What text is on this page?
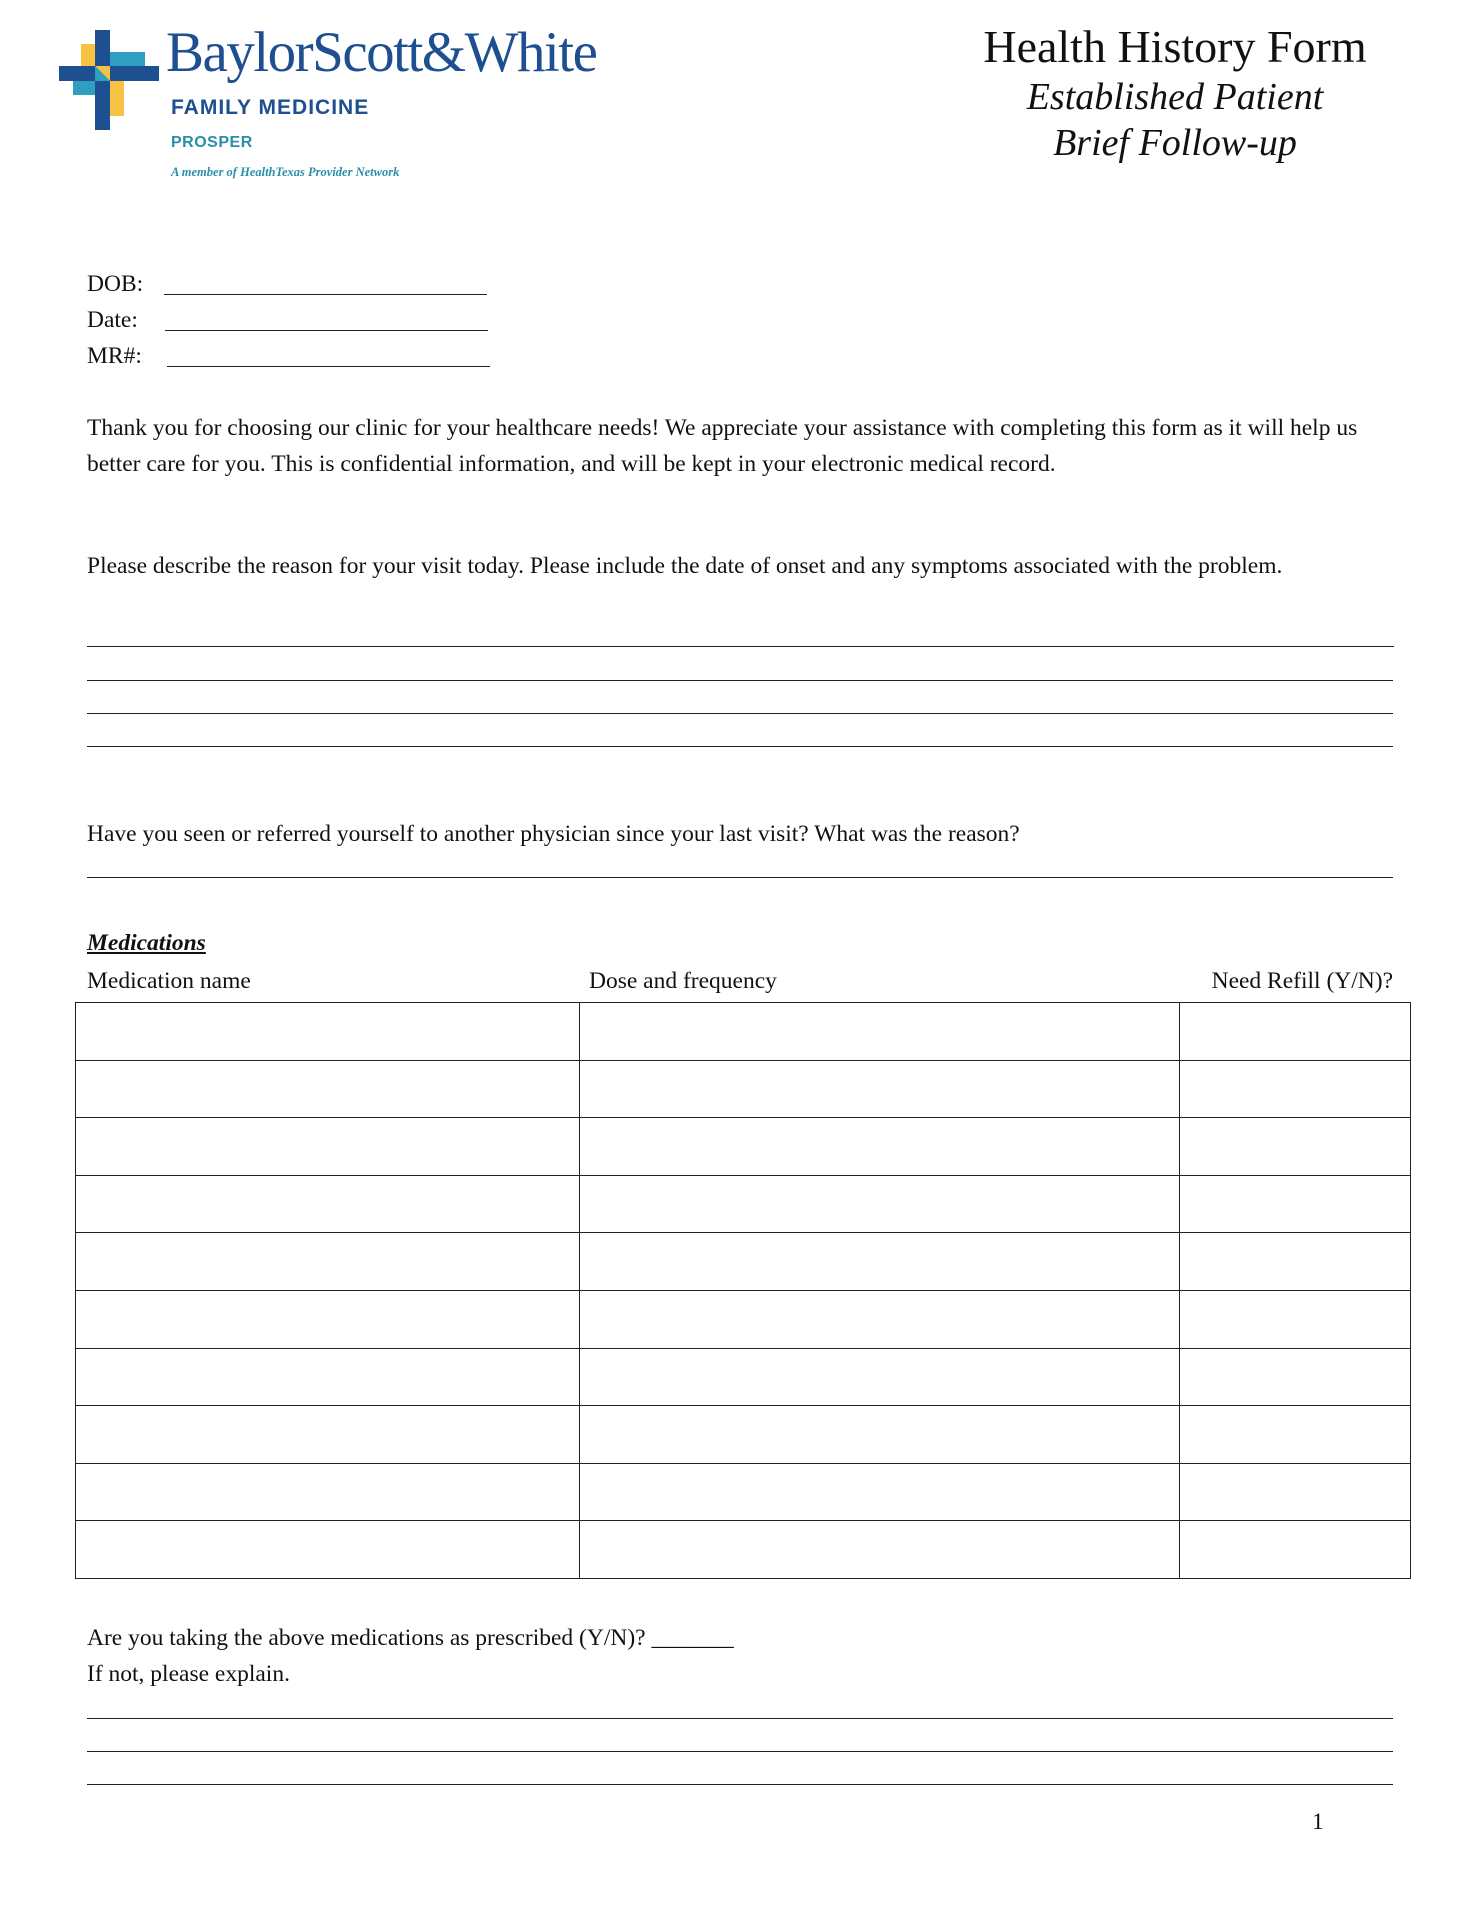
BaylorScott&White
FAMILY MEDICINE
PROSPER
A member of HealthTexas Provider Network
Health History Form
Established Patient
Brief Follow-up
DOB:
Date:
MR#:
Thank you for choosing our clinic for your healthcare needs! We appreciate your assistance with completing this form as it will help us better care for you. This is confidential information, and will be kept in your electronic medical record.
Please describe the reason for your visit today. Please include the date of onset and any symptoms associated with the problem.
Have you seen or referred yourself to another physician since your last visit? What was the reason?
Medications
Medication name	Dose and frequency	Need Refill (Y/N)?

Are you taking the above medications as prescribed (Y/N)? _______
If not, please explain.
1
